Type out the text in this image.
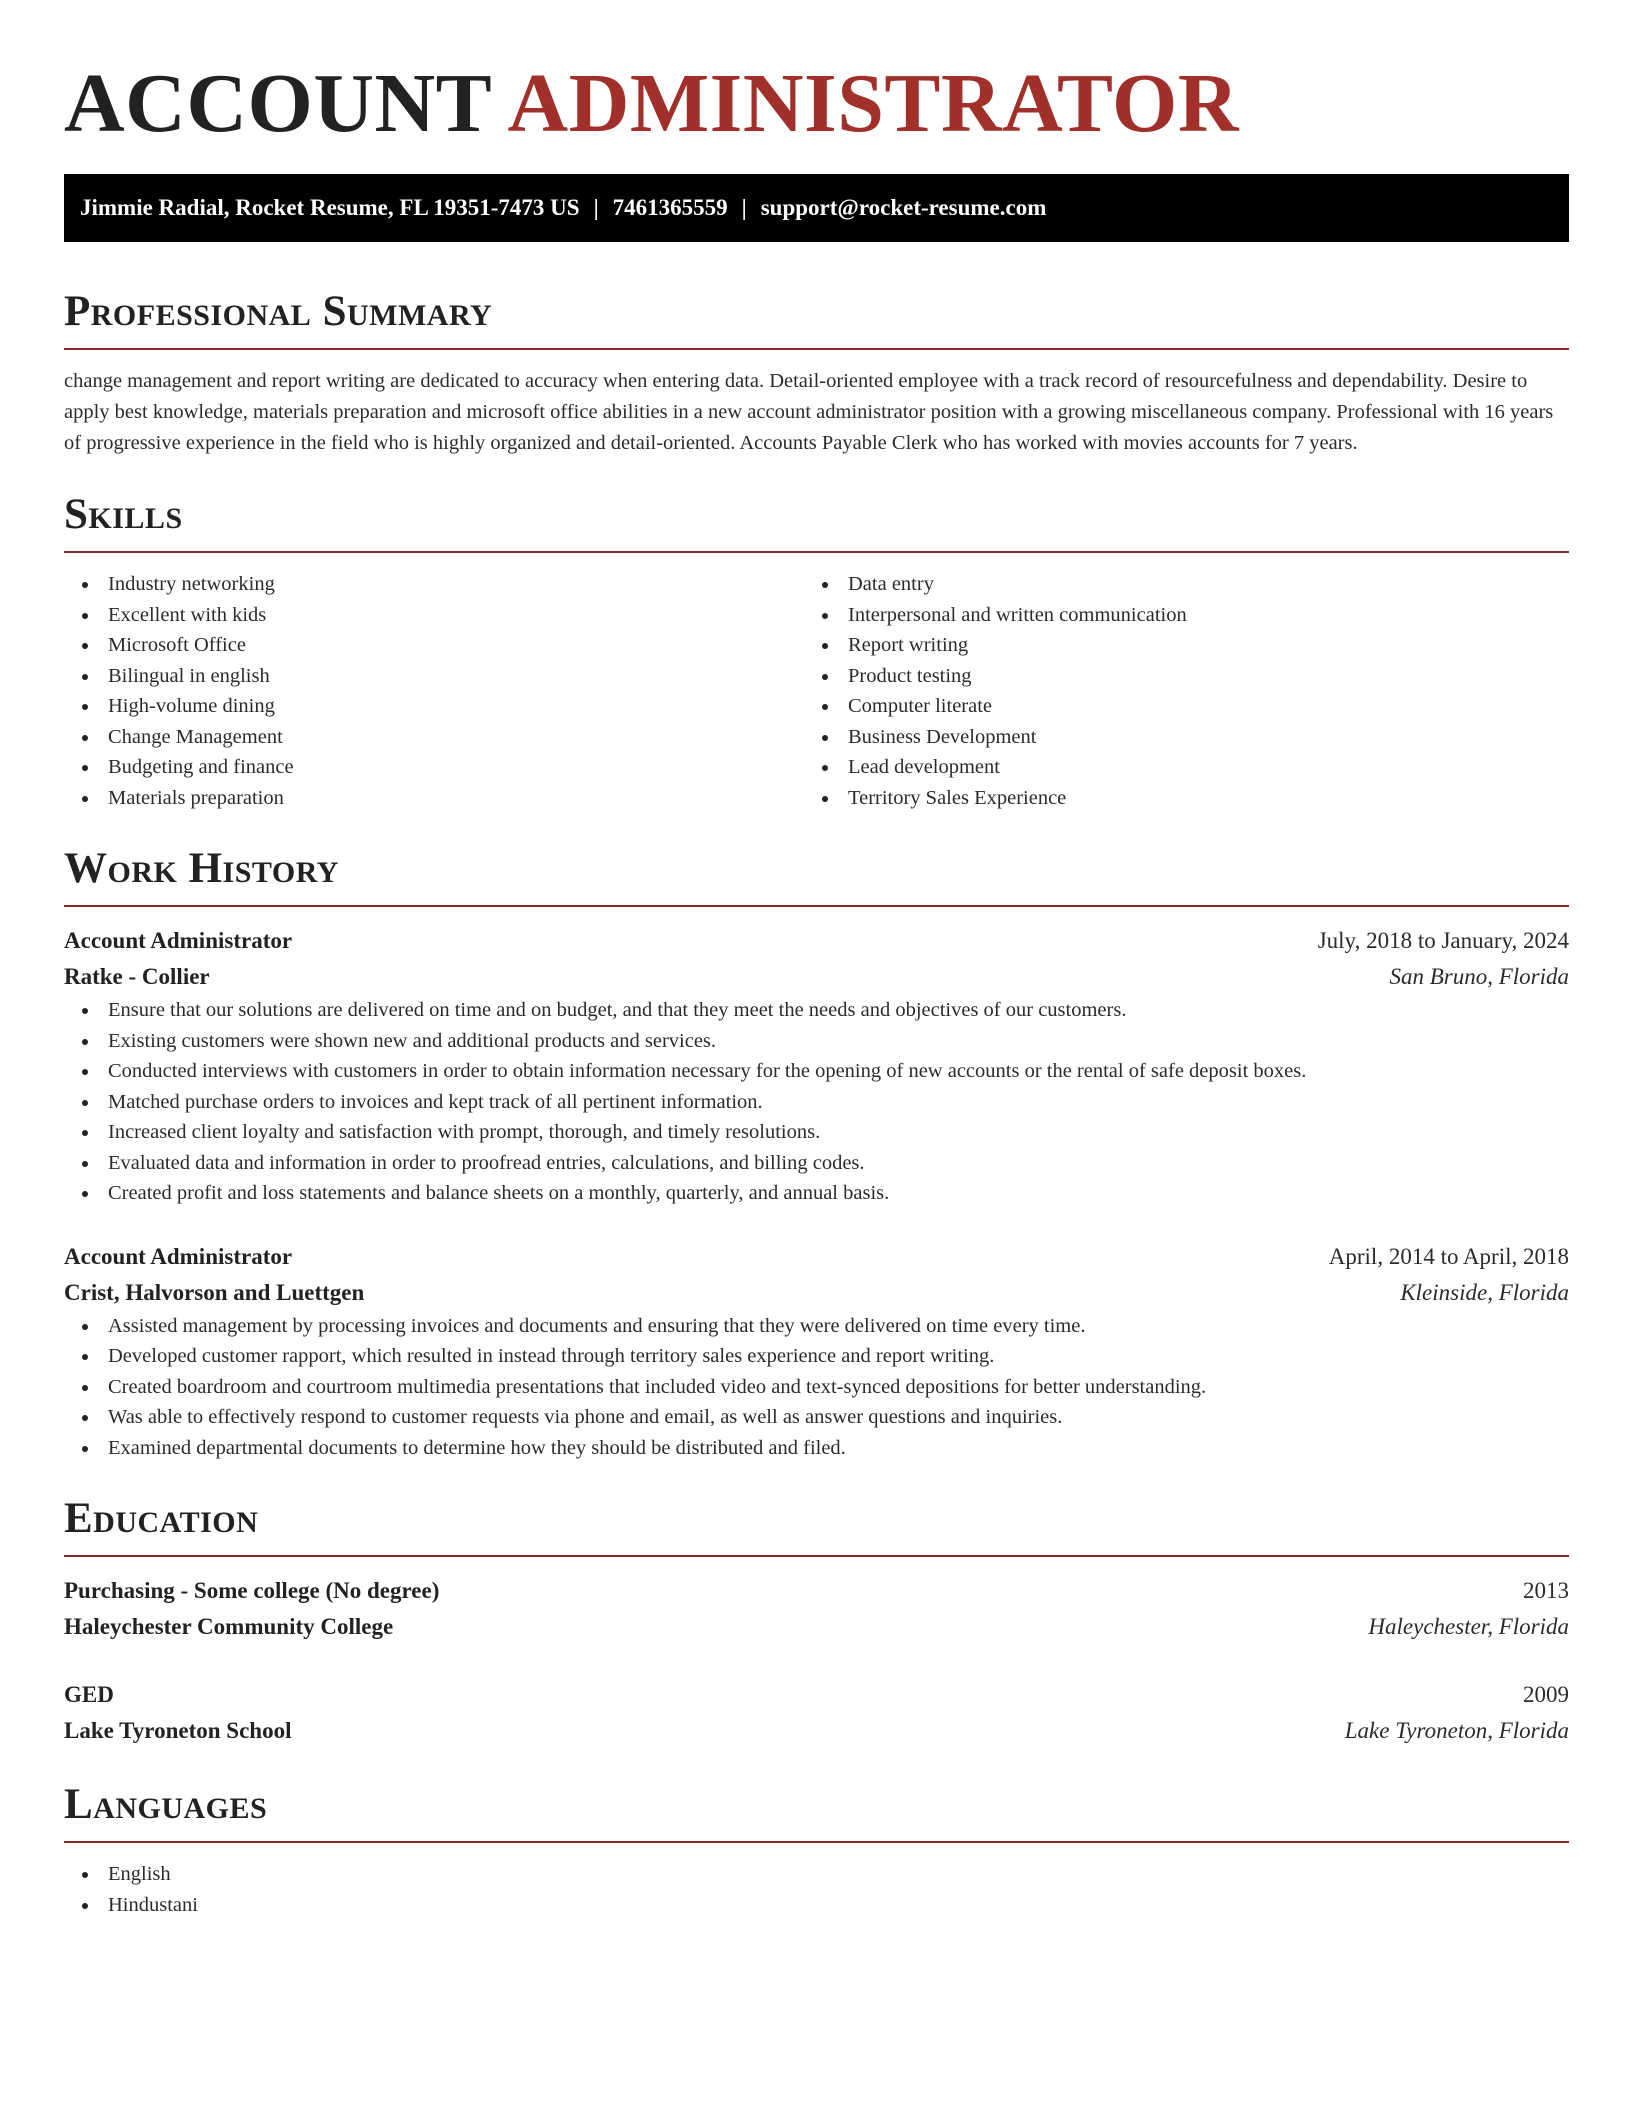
ACCOUNT ADMINISTRATOR
Jimmie Radial, Rocket Resume, FL 19351-7473 US | 7461365559 | support@rocket-resume.com
Professional Summary

change management and report writing are dedicated to accuracy when entering data. Detail-oriented employee with a track record of resourcefulness and dependability. Desire to apply best knowledge, materials preparation and microsoft office abilities in a new account administrator position with a growing miscellaneous company. Professional with 16 years of progressive experience in the field who is highly organized and detail-oriented. Accounts Payable Clerk who has worked with movies accounts for 7 years.

Skills
Industry networking
Excellent with kids
Microsoft Office
Bilingual in english
High-volume dining
Change Management
Budgeting and finance
Materials preparation
Data entry
Interpersonal and written communication
Report writing
Product testing
Computer literate
Business Development
Lead development
Territory Sales Experience
Work History
Account Administrator	July, 2018 to January, 2024
Ratke - Collier	San Bruno, Florida
Ensure that our solutions are delivered on time and on budget, and that they meet the needs and objectives of our customers.
Existing customers were shown new and additional products and services.
Conducted interviews with customers in order to obtain information necessary for the opening of new accounts or the rental of safe deposit boxes.
Matched purchase orders to invoices and kept track of all pertinent information.
Increased client loyalty and satisfaction with prompt, thorough, and timely resolutions.
Evaluated data and information in order to proofread entries, calculations, and billing codes.
Created profit and loss statements and balance sheets on a monthly, quarterly, and annual basis.
Account Administrator	April, 2014 to April, 2018
Crist, Halvorson and Luettgen	Kleinside, Florida
Assisted management by processing invoices and documents and ensuring that they were delivered on time every time.
Developed customer rapport, which resulted in instead through territory sales experience and report writing.
Created boardroom and courtroom multimedia presentations that included video and text-synced depositions for better understanding.
Was able to effectively respond to customer requests via phone and email, as well as answer questions and inquiries.
Examined departmental documents to determine how they should be distributed and filed.
Education
Purchasing - Some college (No degree)	2013
Haleychester Community College	Haleychester, Florida
GED	2009
Lake Tyroneton School	Lake Tyroneton, Florida
Languages
English
Hindustani
